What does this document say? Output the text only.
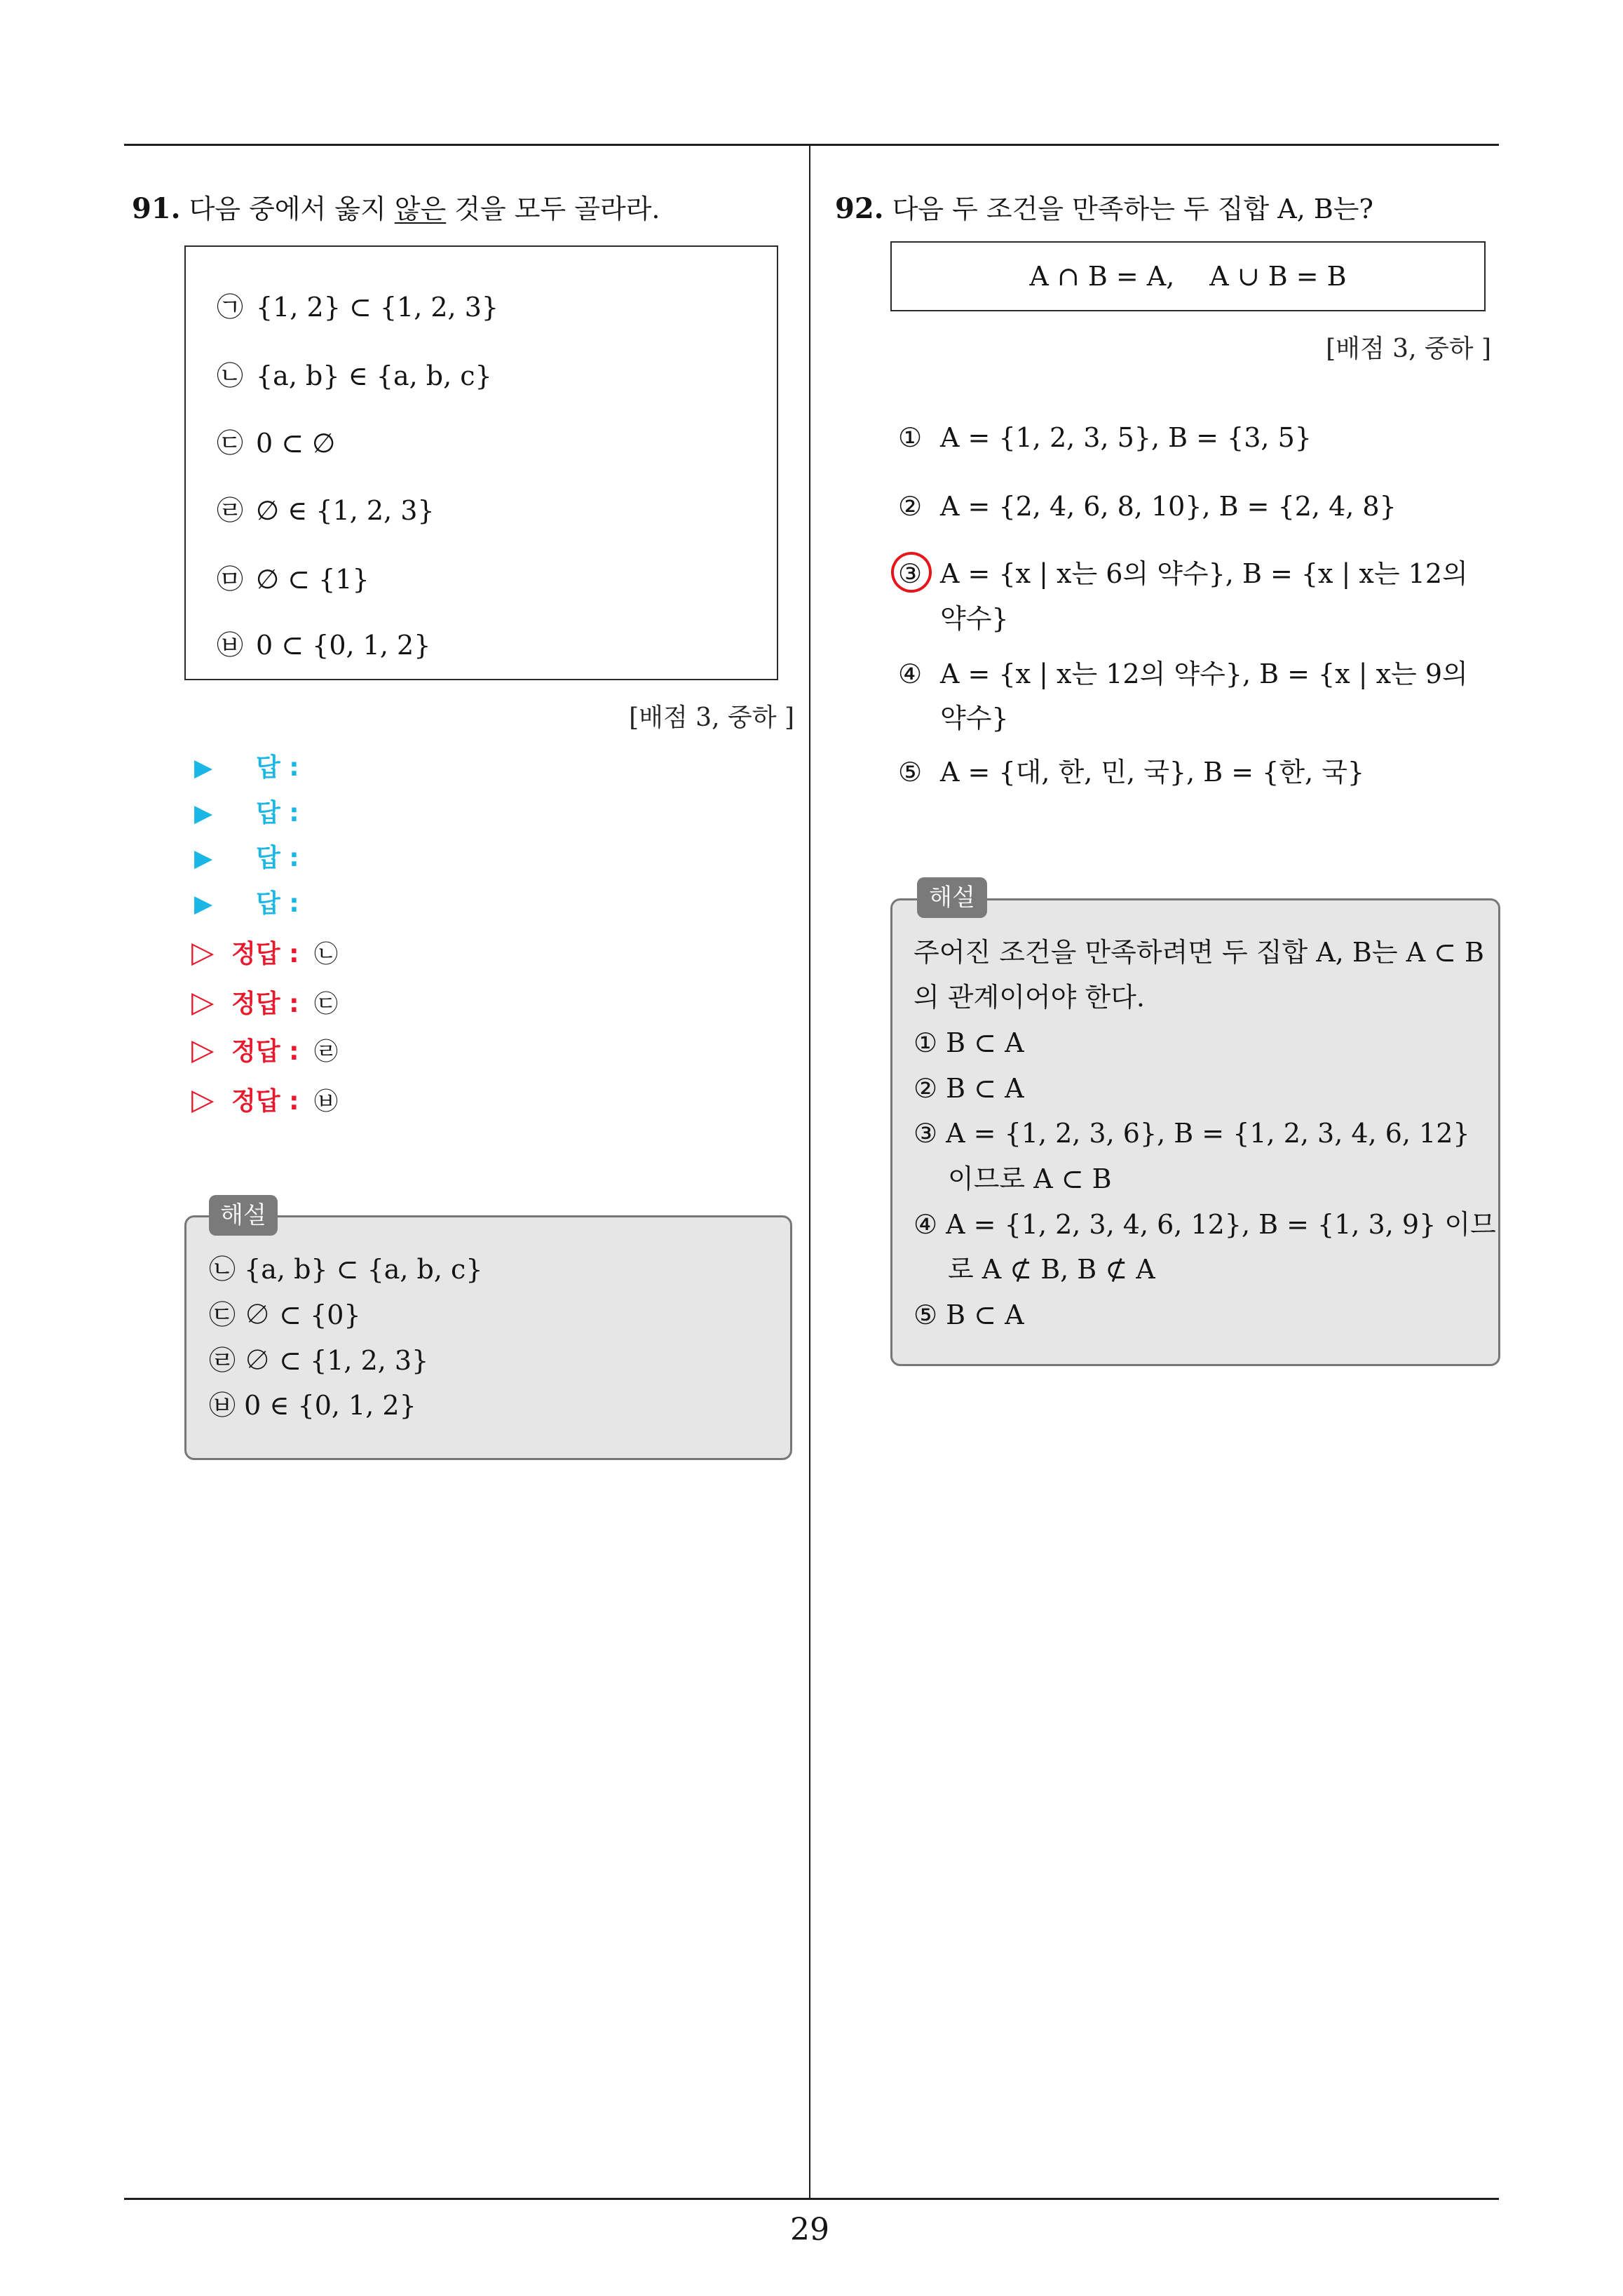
91. 다음 중에서 옳지 않은 것을 모두 골라라.
㉠ {1, 2} ⊂ {1, 2, 3}
㉡ {a, b} ∈ {a, b, c}
㉢ 0 ⊂ ∅
㉣ ∅ ∈ {1, 2, 3}
㉤ ∅ ⊂ {1}
㉥ 0 ⊂ {0, 1, 2}
[배점 3, 중하 ]
▶ 답 :
▶ 답 :
▶ 답 :
▶ 답 :
▷ 정답 : ㉡
▷ 정답 : ㉢
▷ 정답 : ㉣
▷ 정답 : ㉥
해설
㉡ {a, b} ⊂ {a, b, c}
㉢ ∅ ⊂ {0}
㉣ ∅ ⊂ {1, 2, 3}
㉥ 0 ∈ {0, 1, 2}
92. 다음 두 조건을 만족하는 두 집합 A, B는?
A ∩ B = A, A ∪ B = B
[배점 3, 중하 ]
① A = {1, 2, 3, 5}, B = {3, 5}
② A = {2, 4, 6, 8, 10}, B = {2, 4, 8}
③ A = {x | x는 6의 약수}, B = {x | x는 12의
약수}
④ A = {x | x는 12의 약수}, B = {x | x는 9의
약수}
⑤ A = {대, 한, 민, 국}, B = {한, 국}
해설
주어진 조건을 만족하려면 두 집합 A, B는 A ⊂ B
의 관계이어야 한다.
① B ⊂ A
② B ⊂ A
③ A = {1, 2, 3, 6}, B = {1, 2, 3, 4, 6, 12}
이므로 A ⊂ B
④ A = {1, 2, 3, 4, 6, 12}, B = {1, 3, 9} 이므
로 A ⊄ B, B ⊄ A
⑤ B ⊂ A
29
